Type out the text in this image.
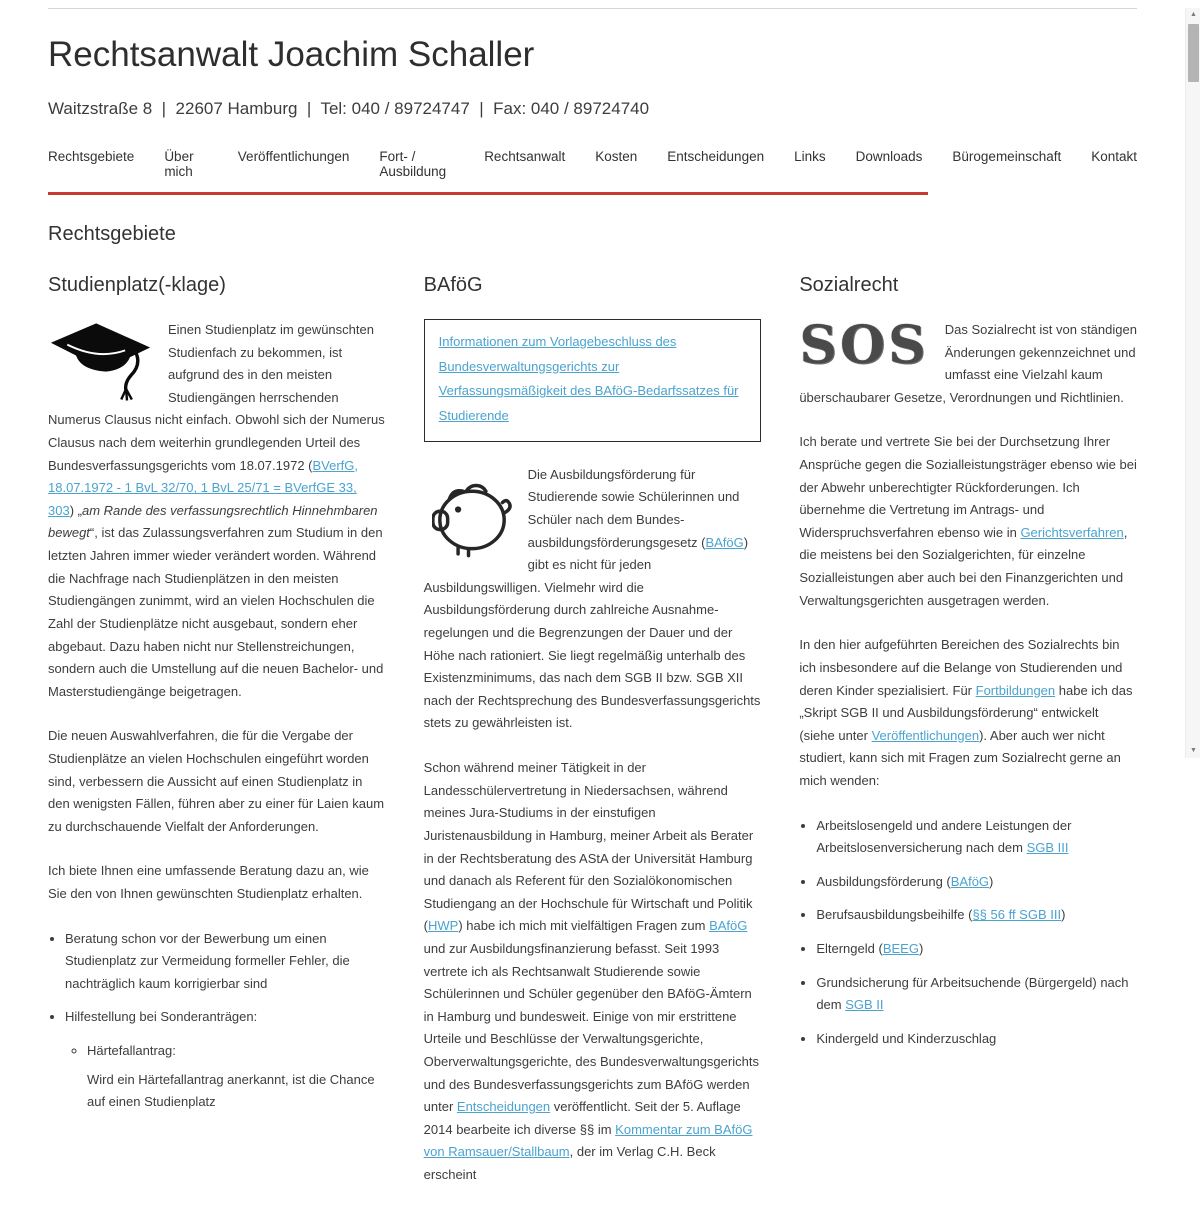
Rechtsanwalt Joachim Schaller
Waitzstraße 8  |  22607 Hamburg  |  Tel: 040 / 89724747  |  Fax: 040 / 89724740
Rechtsgebiete Über mich
Veröffentlichungen Fort- / Ausbildung
Rechtsanwalt Kosten Entscheidungen Links Downloads Bürogemeinschaft Kontakt
Rechtsgebiete
Studienplatz(-klage)

Einen Studienplatz im gewünschten Studienfach zu bekommen, ist aufgrund des in den meisten Studiengängen herrschenden Numerus Clausus nicht einfach. Obwohl sich der Numerus Clausus nach dem weiterhin grundlegenden Urteil des Bundesverfassungsgerichts vom 18.07.1972 (BVerfG, 18.07.1972 - 1 BvL 32/70, 1 BvL 25/71 = BVerfGE 33, 303) „am Rande des verfassungsrechtlich Hinnehmbaren bewegt“, ist das Zulassungsverfahren zum Studium in den letzten Jahren immer wieder verändert worden. Während die Nachfrage nach Studienplätzen in den meisten Studiengängen zunimmt, wird an vielen Hochschulen die Zahl der Studienplätze nicht ausgebaut, sondern eher abgebaut. Dazu haben nicht nur Stellenstreichungen, sondern auch die Umstellung auf die neuen Bachelor- und Masterstudiengänge beigetragen.

Die neuen Auswahlverfahren, die für die Vergabe der Studienplätze an vielen Hochschulen eingeführt worden sind, verbessern die Aussicht auf einen Studienplatz in den wenigsten Fällen, führen aber zu einer für Laien kaum zu durchschauende Vielfalt der Anforderungen.

Ich biete Ihnen eine umfassende Beratung dazu an, wie Sie den von Ihnen gewünschten Studienplatz erhalten.

• Beratung schon vor der Bewerbung um einen Studienplatz zur Vermeidung formeller Fehler, die nachträglich kaum korrigierbar sind
• Hilfestellung bei Sonderanträgen:
◦ Härtefallantrag:
Wird ein Härtefallantrag anerkannt, ist die Chance auf einen Studienplatz
BAföG
Informationen zum Vorlagebeschluss des Bundesverwaltungsgerichts zur Verfassungsmäßigkeit des BAföG-Bedarfssatzes für Studierende

Die Ausbildungsförderung für Studierende sowie Schülerinnen und Schüler nach dem Bundesausbildungsförderungsgesetz (BAföG) gibt es nicht für jeden Ausbildungswilligen. Vielmehr wird die Ausbildungsförderung durch zahlreiche Ausnahmeregelungen und die Begrenzungen der Dauer und der Höhe nach rationiert. Sie liegt regelmäßig unterhalb des Existenzminimums, das nach dem SGB II bzw. SGB XII nach der Rechtsprechung des Bundesverfassungsgerichts stets zu gewährleisten ist.

Schon während meiner Tätigkeit in der Landesschülervertretung in Niedersachsen, während meines Jura-Studiums in der einstufigen Juristenausbildung in Hamburg, meiner Arbeit als Berater in der Rechtsberatung des AStA der Universität Hamburg und danach als Referent für den Sozialökonomischen Studiengang an der Hochschule für Wirtschaft und Politik (HWP) habe ich mich mit vielfältigen Fragen zum BAföG und zur Ausbildungsfinanzierung befasst. Seit 1993 vertrete ich als Rechtsanwalt Studierende sowie Schülerinnen und Schüler gegenüber den BAföG-Ämtern in Hamburg und bundesweit. Einige von mir erstrittene Urteile und Beschlüsse der Verwaltungsgerichte, Oberverwaltungsgerichte, des Bundesverwaltungsgerichts und des Bundesverfassungsgerichts zum BAföG werden unter Entscheidungen veröffentlicht. Seit der 5. Auflage 2014 bearbeite ich diverse §§ im Kommentar zum BAföG von Ramsauer/Stallbaum, der im Verlag C.H. Beck erscheint

Sozialrecht
SOS	Das Sozialrecht ist von ständigen Änderungen gekennzeichnet und umfasst eine Vielzahl kaum überschaubarer Gesetze, Verordnungen und Richtlinien.

Ich berate und vertrete Sie bei der Durchsetzung Ihrer Ansprüche gegen die Sozialleistungsträger ebenso wie bei der Abwehr unberechtigter Rückforderungen. Ich übernehme die Vertretung im Antrags- und Widerspruchsverfahren ebenso wie in Gerichtsverfahren, die meistens bei den Sozialgerichten, für einzelne Sozialleistungen aber auch bei den Finanzgerichten und Verwaltungsgerichten ausgetragen werden.

In den hier aufgeführten Bereichen des Sozialrechts bin ich insbesondere auf die Belange von Studierenden und deren Kinder spezialisiert. Für Fortbildungen habe ich das „Skript SGB II und Ausbildungsförderung“ entwickelt (siehe unter Veröffentlichungen). Aber auch wer nicht studiert, kann sich mit Fragen zum Sozialrecht gerne an mich wenden:

• Arbeitslosengeld und andere Leistungen der Arbeitslosenversicherung nach dem SGB III
• Ausbildungsförderung (BAföG)
• Berufsausbildungsbeihilfe (§§ 56 ff SGB III)
• Elterngeld (BEEG)
• Grundsicherung für Arbeitsuchende (Bürgergeld) nach dem SGB II
• Kindergeld und Kinderzuschlag
▲
▼
